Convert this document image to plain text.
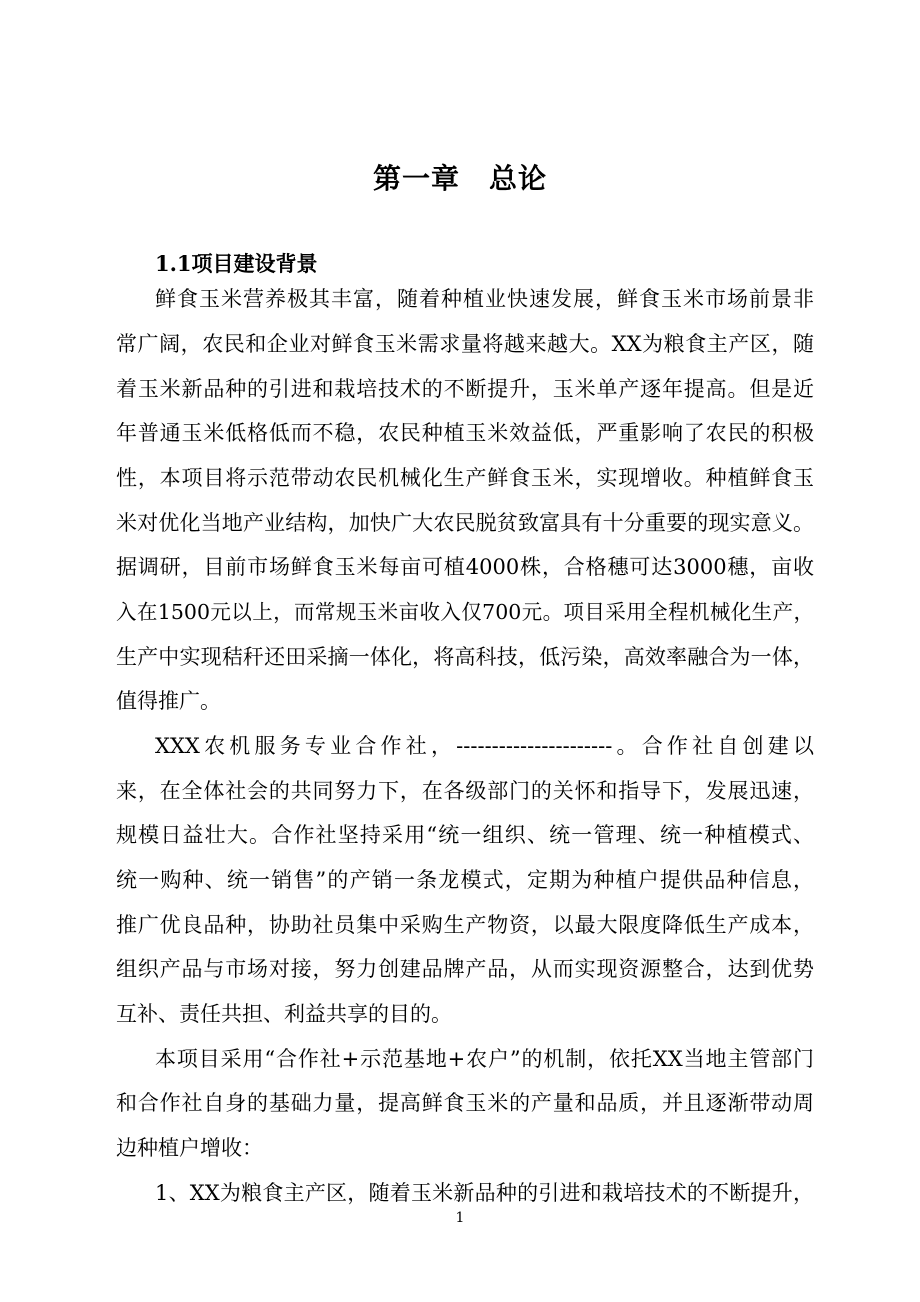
第一章　总论
1.1项目建设背景

鲜食玉米营养极其丰富，随着种植业快速发展，鲜食玉米市场前景非

常广阔，农民和企业对鲜食玉米需求量将越来越大。XX为粮食主产区，随

着玉米新品种的引进和栽培技术的不断提升，玉米单产逐年提高。但是近

年普通玉米低格低而不稳，农民种植玉米效益低，严重影响了农民的积极

性，本项目将示范带动农民机械化生产鲜食玉米，实现增收。种植鲜食玉

米对优化当地产业结构，加快广大农民脱贫致富具有十分重要的现实意义。

据调研，目前市场鲜食玉米每亩可植4000株，合格穗可达3000穗，亩收

入在1500元以上，而常规玉米亩收入仅700元。项目采用全程机械化生产，

生产中实现秸秆还田采摘一体化，将高科技，低污染，高效率融合为一体，

值得推广。

XXX农机服务专业合作社，----------------------。合作社自创建以

来，在全体社会的共同努力下，在各级部门的关怀和指导下，发展迅速，

规模日益壮大。合作社坚持采用“统一组织、统一管理、统一种植模式、

统一购种、统一销售”的产销一条龙模式，定期为种植户提供品种信息，

推广优良品种，协助社员集中采购生产物资，以最大限度降低生产成本，

组织产品与市场对接，努力创建品牌产品，从而实现资源整合，达到优势

互补、责任共担、利益共享的目的。

本项目采用“合作社+示范基地+农户”的机制，依托XX当地主管部门

和合作社自身的基础力量，提高鲜食玉米的产量和品质，并且逐渐带动周

边种植户增收：

1、XX为粮食主产区，随着玉米新品种的引进和栽培技术的不断提升，

1
